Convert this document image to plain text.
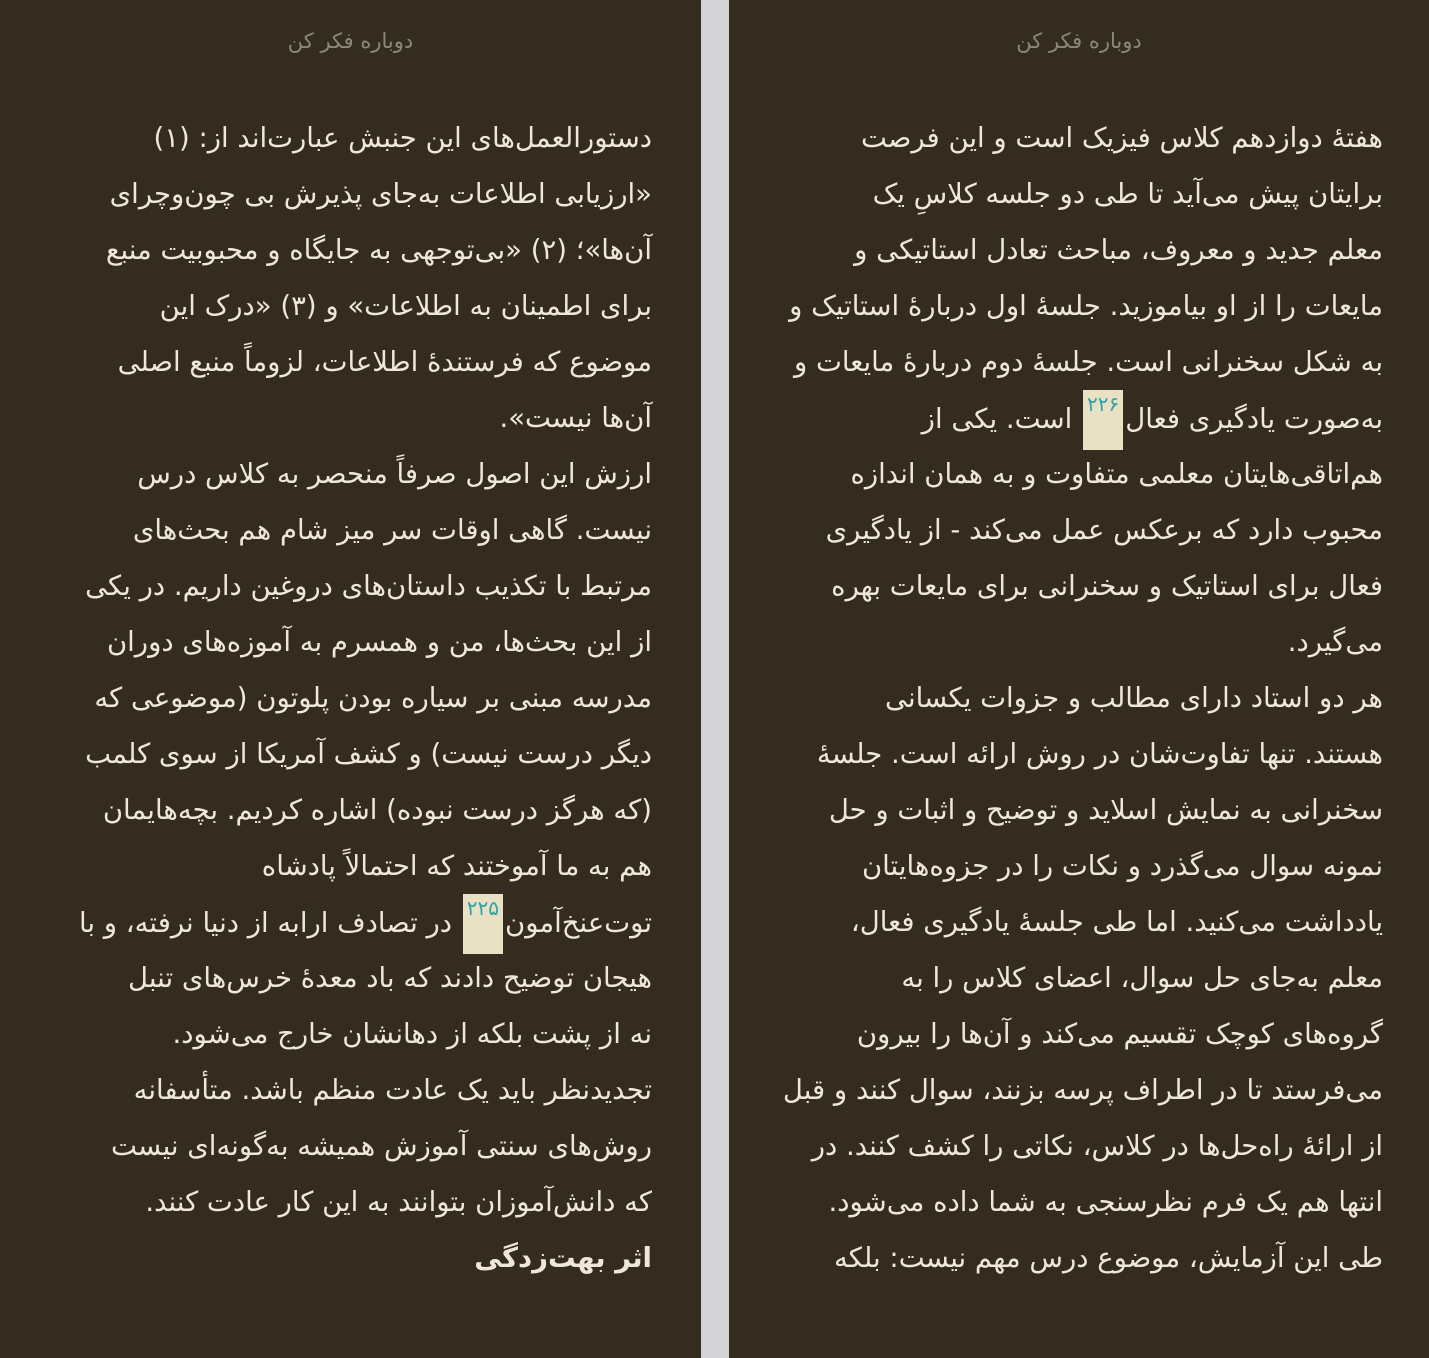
دوباره فکر کن
دستورالعمل‌های این جنبش عبارت‌اند از: (۱)
«ارزیابی اطلاعات به‌جای پذیرش بی چون‌وچرای
آن‌ها»؛ (۲) «بی‌توجهی به جایگاه و محبوبیت منبع
برای اطمینان به اطلاعات» و (۳) «درک این
موضوع که فرستندهٔ اطلاعات، لزوماً منبع اصلی
آن‌ها نیست».
ارزش این اصول صرفاً منحصر به کلاس درس
نیست. گاهی اوقات سر میز شام هم بحث‌های
مرتبط با تکذیب داستان‌های دروغین داریم. در یکی
از این بحث‌ها، من و همسرم به آموزه‌های دوران
مدرسه مبنی بر سیاره بودن پلوتون (موضوعی که
دیگر درست نیست) و کشف آمریکا از سوی کلمب
(که هرگز درست نبوده) اشاره کردیم. بچه‌هایمان
هم به ما آموختند که احتمالاً پادشاه
توت‌عنخ‌آمون۲۲۵ در تصادف ارابه از دنیا نرفته، و با
هیجان توضیح دادند که باد معدهٔ خرس‌های تنبل
نه از پشت بلکه از دهانشان خارج می‌شود.
تجدیدنظر باید یک عادت منظم باشد. متأسفانه
روش‌های سنتی آموزش همیشه به‌گونه‌ای نیست
که دانش‌آموزان بتوانند به این کار عادت کنند.
اثر بهت‌زدگی
دوباره فکر کن
هفتهٔ دوازدهم کلاس فیزیک است و این فرصت
برایتان پیش می‌آید تا طی دو جلسه کلاسِ یک
معلم جدید و معروف، مباحث تعادل استاتیکی و
مایعات را از او بیاموزید. جلسهٔ اول دربارهٔ استاتیک و
به شکل سخنرانی است. جلسهٔ دوم دربارهٔ مایعات و
به‌صورت یادگیری فعال۲۲۶ است. یکی از
هم‌اتاقی‌هایتان معلمی متفاوت و به همان اندازه
محبوب دارد که برعکس عمل می‌کند - از یادگیری
فعال برای استاتیک و سخنرانی برای مایعات بهره
می‌گیرد.
هر دو استاد دارای مطالب و جزوات یکسانی
هستند. تنها تفاوت‌شان در روش ارائه است. جلسهٔ
سخنرانی به نمایش اسلاید و توضیح و اثبات و حل
نمونه سوال می‌گذرد و نکات را در جزوه‌هایتان
یادداشت می‌کنید. اما طی جلسهٔ یادگیری فعال،
معلم به‌جای حل سوال، اعضای کلاس را به
گروه‌های کوچک تقسیم می‌کند و آن‌ها را بیرون
می‌فرستد تا در اطراف پرسه بزنند، سوال کنند و قبل
از ارائهٔ راه‌حل‌ها در کلاس، نکاتی را کشف کنند. در
انتها هم یک فرم نظرسنجی به شما داده می‌شود.
طی این آزمایش، موضوع درس مهم نیست: بلکه
